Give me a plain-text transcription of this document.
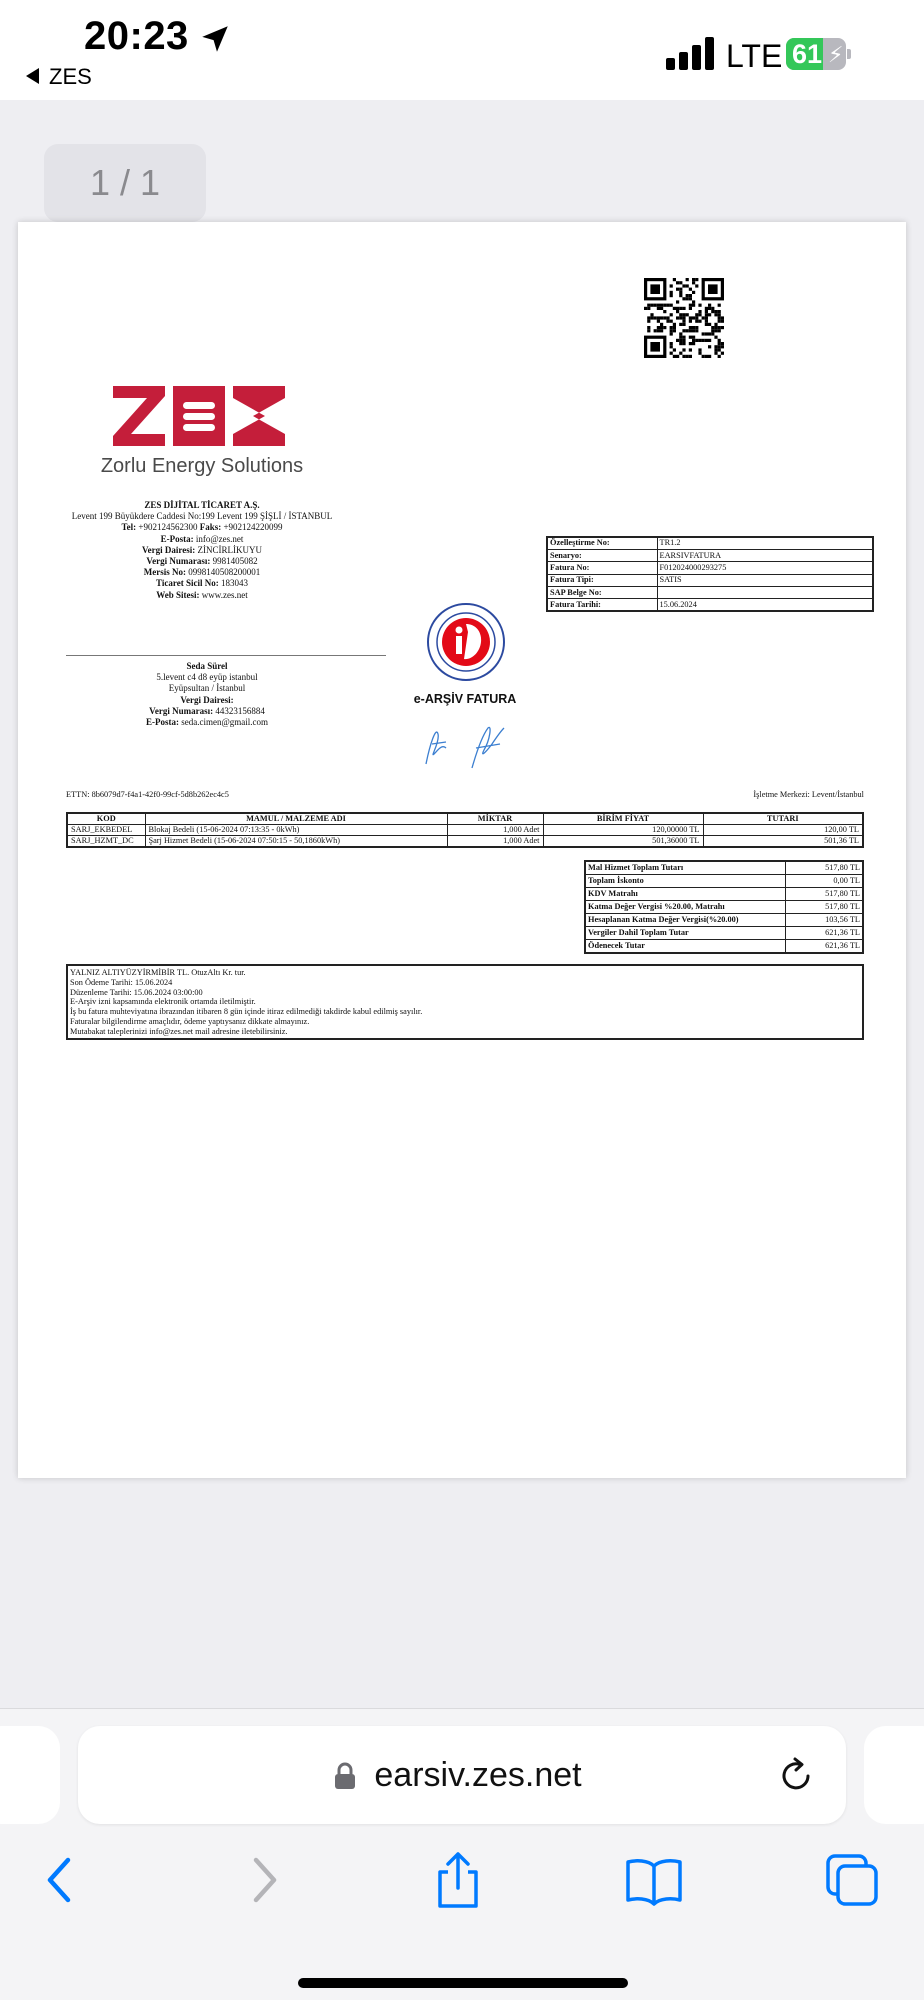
20:23
ZES
LTE 61 ⚡
1 / 1
Zorlu Energy Solutions
ZES DİJİTAL TİCARET A.Ş.
Levent 199 Büyükdere Caddesi No:199 Levent 199 ŞİŞLİ / İSTANBUL
Tel: +902124562300 Faks: +902124220099
E-Posta: info@zes.net
Vergi Dairesi: ZİNCİRLİKUYU
Vergi Numarası: 9981405082
Mersis No: 0998140508200001
Ticaret Sicil No: 183043
Web Sitesi: www.zes.net
Seda Sürel
5.levent c4 d8 eyüp istanbul
Eyüpsultan / İstanbul
Vergi Dairesi:
Vergi Numarası: 44323156884
E-Posta: seda.cimen@gmail.com
e-ARŞİV FATURA
Özelleştirme No:	TR1.2
Senaryo:	EARSIVFATURA
Fatura No:	F012024000293275
Fatura Tipi:	SATIS
SAP Belge No:	
Fatura Tarihi:	15.06.2024
ETTN: 8b6079d7-f4a1-42f0-99cf-5d8b262ec4c5	İşletme Merkezi: Levent/İstanbul
KOD	MAMUL / MALZEME ADI	MİKTAR	BİRİM FİYAT	TUTARI
SARJ_EKBEDEL	Blokaj Bedeli (15-06-2024 07:13:35 - 0kWh)	1,000 Adet	120,00000 TL	120,00 TL
SARJ_HZMT_DC	Şarj Hizmet Bedeli (15-06-2024 07:50:15 - 50,1860kWh)	1,000 Adet	501,36000 TL	501,36 TL
Mal Hizmet Toplam Tutarı	517,80 TL
Toplam İskonto	0,00 TL
KDV Matrahı	517,80 TL
Katma Değer Vergisi %20.00, Matrahı	517,80 TL
Hesaplanan Katma Değer Vergisi(%20.00)	103,56 TL
Vergiler Dahil Toplam Tutar	621,36 TL
Ödenecek Tutar	621,36 TL
YALNIZ ALTIYÜZYİRMİBİR TL. OtuzAltı Kr. tur.
Son Ödeme Tarihi: 15.06.2024
Düzenleme Tarihi: 15.06.2024 03:00:00
E-Arşiv izni kapsamında elektronik ortamda iletilmiştir.
İş bu fatura muhteviyatına ibrazından itibaren 8 gün içinde itiraz edilmediği takdirde kabul edilmiş sayılır.
Faturalar bilgilendirme amaçlıdır, ödeme yaptıysanız dikkate almayınız.
Mutabakat taleplerinizi info@zes.net mail adresine iletebilirsiniz.
earsiv.zes.net
